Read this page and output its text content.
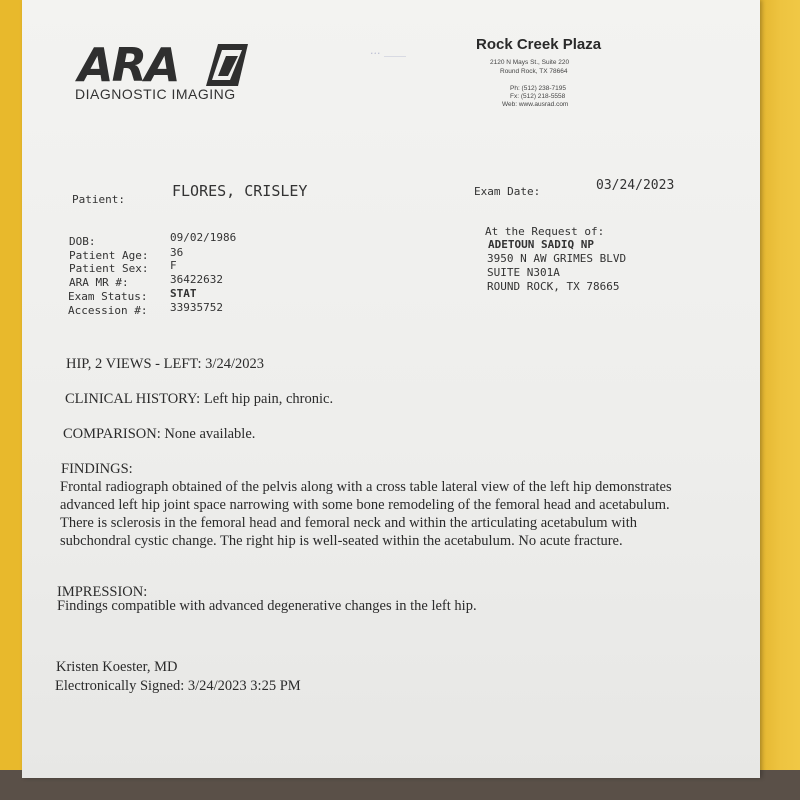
ARA
DIAGNOSTIC IMAGING
... ____	Rock Creek Plaza
2120 N Mays St., Suite 220
Round Rock, TX 78664
Ph: (512) 238-7195
Fx: (512) 218-5558
Web: www.ausrad.com
Patient:	FLORES, CRISLEY	Exam Date:	03/24/2023
DOB:	09/02/1986
Patient Age: 36
Patient Sex: F
ARA MR #:	36422632
Exam Status: STAT
Accession #: 33935752
At the Request of:
ADETOUN SADIQ NP
3950 N AW GRIMES BLVD
SUITE N301A
ROUND ROCK, TX 78665
HIP, 2 VIEWS - LEFT: 3/24/2023
CLINICAL HISTORY: Left hip pain, chronic.
COMPARISON: None available.
FINDINGS:
Frontal radiograph obtained of the pelvis along with a cross table lateral view of the left hip demonstrates advanced left hip joint space narrowing with some bone remodeling of the femoral head and acetabulum. There is sclerosis in the femoral head and femoral neck and within the articulating acetabulum with subchondral cystic change. The right hip is well-seated within the acetabulum. No acute fracture.
IMPRESSION:
Findings compatible with advanced degenerative changes in the left hip.
Kristen Koester, MD
Electronically Signed: 3/24/2023 3:25 PM
